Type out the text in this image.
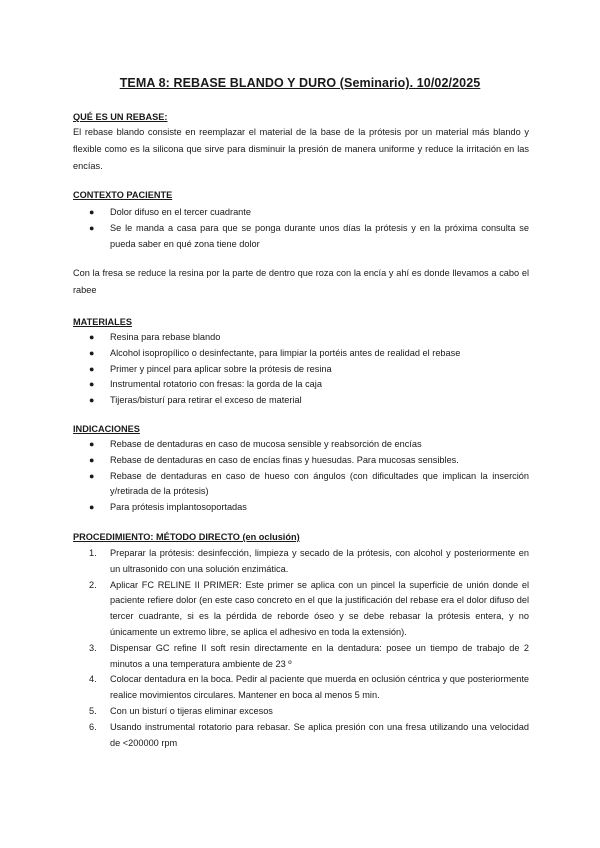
TEMA 8: REBASE BLANDO Y DURO (Seminario). 10/02/2025
QUÉ ES UN REBASE:
El rebase blando consiste en reemplazar el material de la base de la prótesis por un material más blando y flexible como es la silicona que sirve para disminuir la presión de manera uniforme y reduce la irritación en las encías.
CONTEXTO PACIENTE
● Dolor difuso en el tercer cuadrante
● Se le manda a casa para que se ponga durante unos días la prótesis y en la próxima consulta se pueda saber en qué zona tiene dolor
Con la fresa se reduce la resina por la parte de dentro que roza con la encía y ahí es donde llevamos a cabo el rabee
MATERIALES
● Resina para rebase blando
● Alcohol isopropílico o desinfectante, para limpiar la portéis antes de realidad el rebase
● Primer y pincel para aplicar sobre la prótesis de resina
● Instrumental rotatorio con fresas: la gorda de la caja
● Tijeras/bisturí para retirar el exceso de material
INDICACIONES
● Rebase de dentaduras en caso de mucosa sensible y reabsorción de encías
● Rebase de dentaduras en caso de encías finas y huesudas. Para mucosas sensibles.
● Rebase de dentaduras en caso de hueso con ángulos (con dificultades que implican la inserción y/retirada de la prótesis)
● Para prótesis implantosoportadas
PROCEDIMIENTO: MÉTODO DIRECTO (en oclusión)
1. Preparar la prótesis: desinfección, limpieza y secado de la prótesis, con alcohol y posteriormente en un ultrasonido con una solución enzimática.
2. Aplicar FC RELINE II PRIMER: Este primer se aplica con un pincel la superficie de unión donde el paciente refiere dolor (en este caso concreto en el que la justificación del rebase era el dolor difuso del tercer cuadrante, si es la pérdida de reborde óseo y se debe rebasar la prótesis entera, y no únicamente un extremo libre, se aplica el adhesivo en toda la extensión).
3. Dispensar GC refine II soft resin directamente en la dentadura: posee un tiempo de trabajo de 2 minutos a una temperatura ambiente de 23 º
4. Colocar dentadura en la boca. Pedir al paciente que muerda en oclusión céntrica y que posteriormente realice movimientos circulares. Mantener en boca al menos 5 min.
5. Con un bisturí o tijeras eliminar excesos
6. Usando instrumental rotatorio para rebasar. Se aplica presión con una fresa utilizando una velocidad de <200000 rpm
